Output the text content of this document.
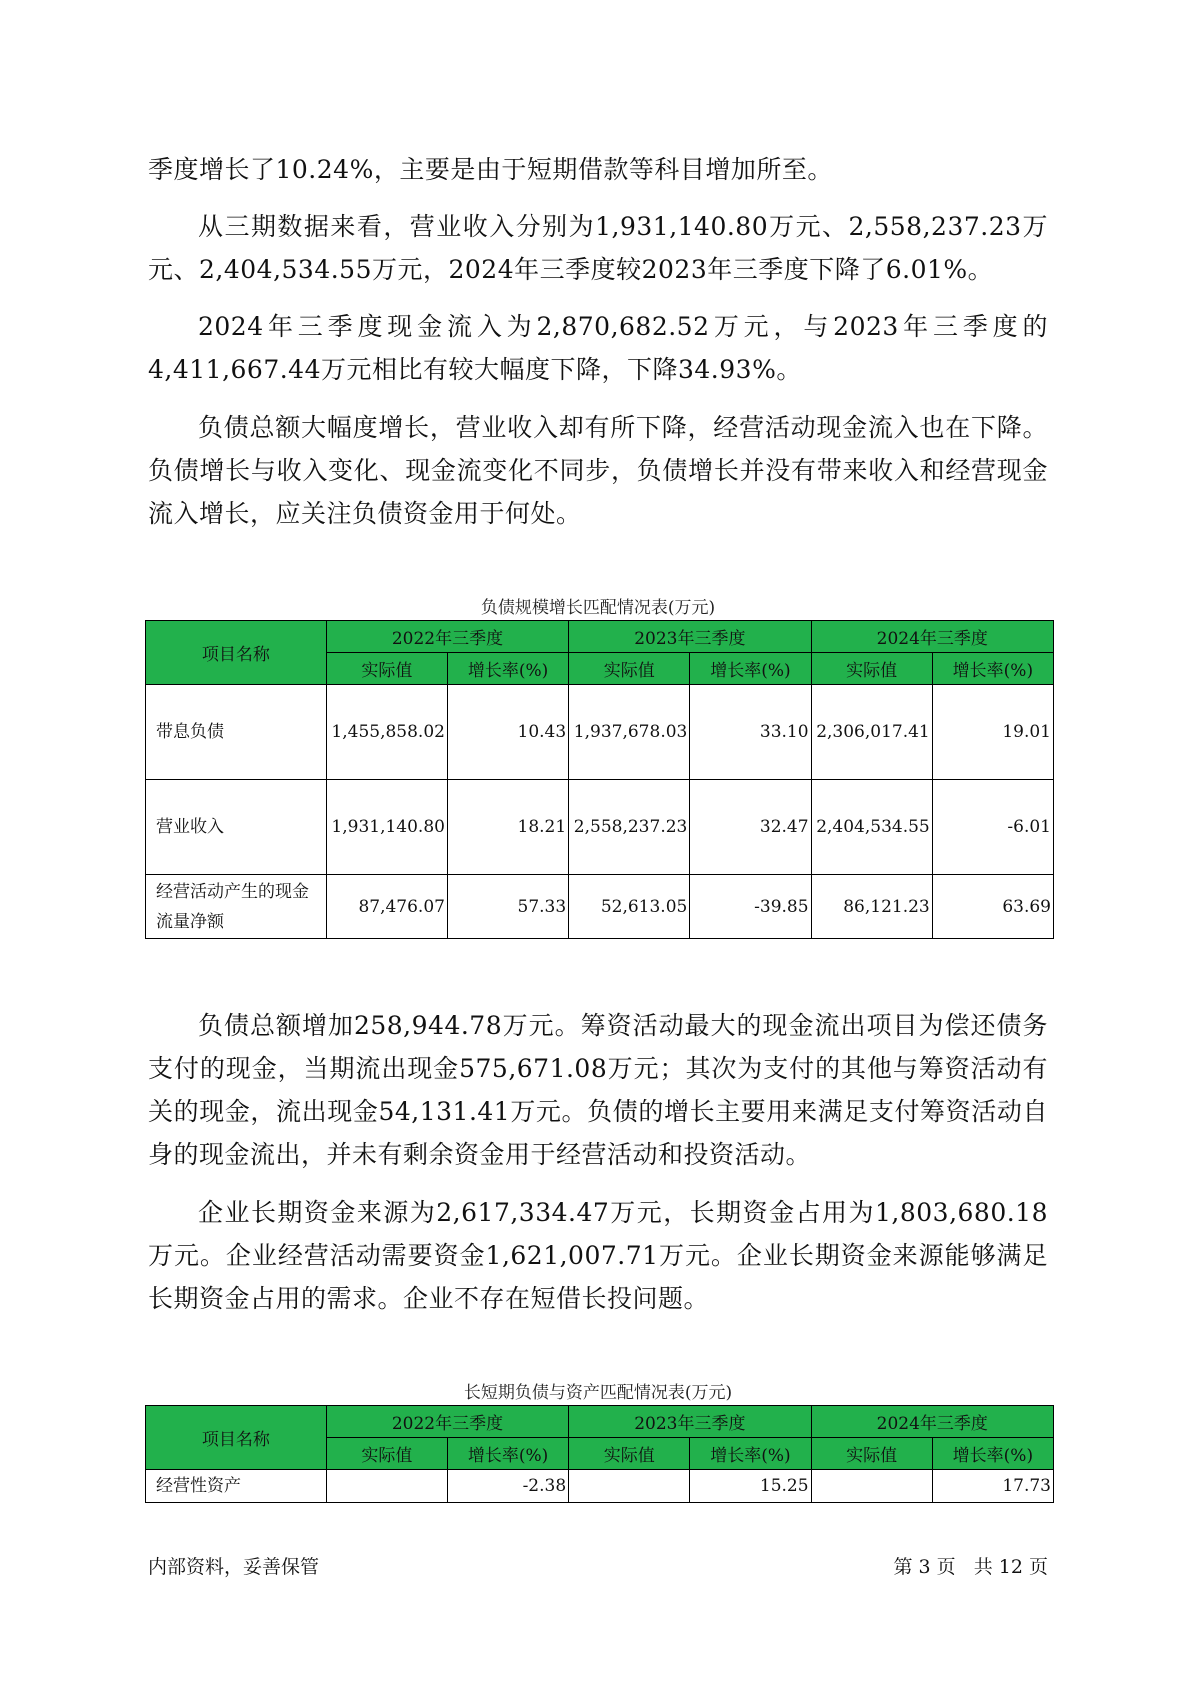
季度增长了10.24%，主要是由于短期借款等科目增加所至。

从三期数据来看，营业收入分别为1,931,140.80万元、2,558,237.23万元、2,404,534.55万元，2024年三季度较2023年三季度下降了6.01%。

2024年三季度现金流入为2,870,682.52万元，与2023年三季度的4,411,667.44万元相比有较大幅度下降，下降34.93%。

负债总额大幅度增长，营业收入却有所下降，经营活动现金流入也在下降。负债增长与收入变化、现金流变化不同步，负债增长并没有带来收入和经营现金流入增长，应关注负债资金用于何处。

负债规模增长匹配情况表(万元)
项目名称	2022年三季度		2023年三季度		2024年三季度	
	实际值	增长率(%)	实际值	增长率(%)	实际值	增长率(%)
带息负债	1,455,858.02	10.43	1,937,678.03	33.10	2,306,017.41	19.01
营业收入	1,931,140.80	18.21	2,558,237.23	32.47	2,404,534.55	-6.01
经营活动产生的现金流量净额	87,476.07	57.33	52,613.05	-39.85	86,121.23	63.69

负债总额增加258,944.78万元。筹资活动最大的现金流出项目为偿还债务支付的现金，当期流出现金575,671.08万元；其次为支付的其他与筹资活动有关的现金，流出现金54,131.41万元。负债的增长主要用来满足支付筹资活动自身的现金流出，并未有剩余资金用于经营活动和投资活动。

企业长期资金来源为2,617,334.47万元，长期资金占用为1,803,680.18万元。企业经营活动需要资金1,621,007.71万元。企业长期资金来源能够满足长期资金占用的需求。企业不存在短借长投问题。

长短期负债与资产匹配情况表(万元)
项目名称	2022年三季度		2023年三季度		2024年三季度	
	实际值	增长率(%)	实际值	增长率(%)	实际值	增长率(%)
经营性资产		-2.38		15.25		17.73
内部资料，妥善保管	第 3 页   共 12 页
